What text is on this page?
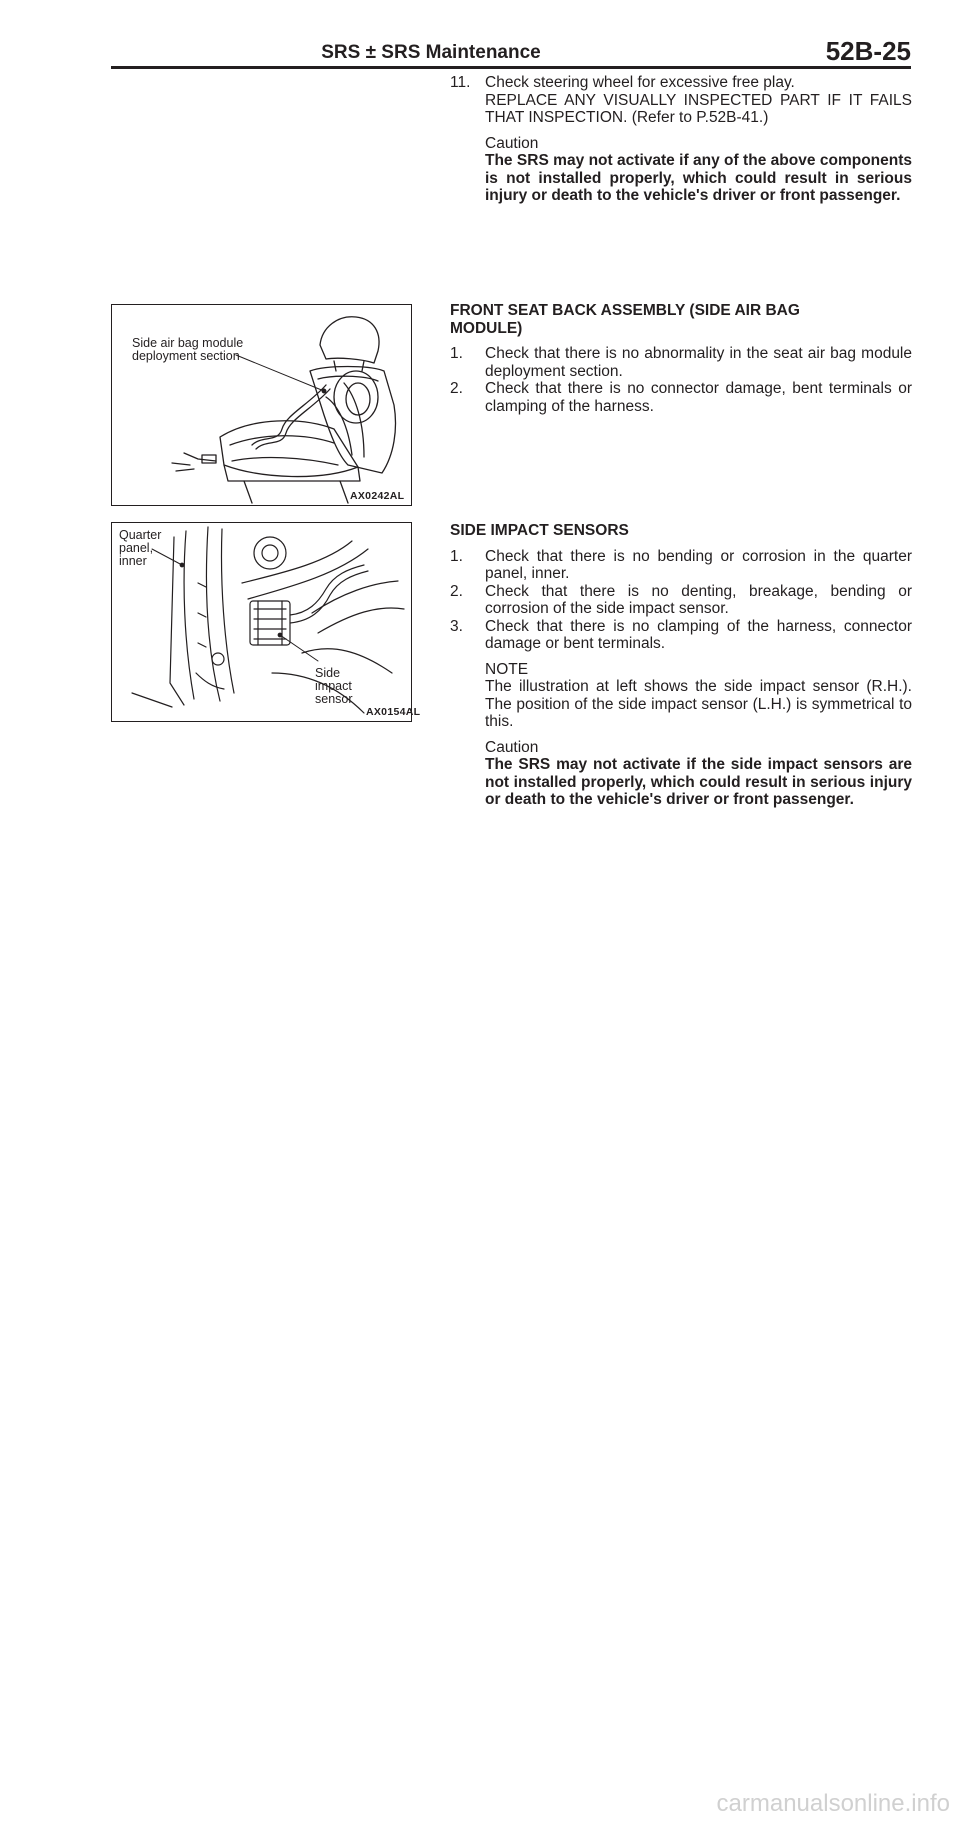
SRS ± SRS Maintenance	52B-25
11. Check steering wheel for excessive free play.
REPLACE ANY VISUALLY INSPECTED PART IF IT FAILS THAT INSPECTION. (Refer to P.52B-41.)
Caution
The SRS may not activate if any of the above components is not installed properly, which could result in serious injury or death to the vehicle's driver or front passenger.
FRONT SEAT BACK ASSEMBLY (SIDE AIR BAG MODULE)
1.	Check that there is no abnormality in the seat air bag module deployment section.
2.	Check that there is no connector damage, bent terminals or clamping of the harness.
SIDE IMPACT SENSORS
1.	Check that there is no bending or corrosion in the quarter panel, inner.
2.	Check that there is no denting, breakage, bending or corrosion of the side impact sensor.
3.	Check that there is no clamping of the harness, connector damage or bent terminals.
NOTE
The illustration at left shows the side impact sensor (R.H.). The position of the side impact sensor (L.H.) is symmetrical to this.
Caution
The SRS may not activate if the side impact sensors are not installed properly, which could result in serious injury or death to the vehicle's driver or front passenger.
Side air bag module
deployment section
AX0242AL
Quarter
panel,
inner
Side
impact
sensor
AX0154AL
carmanualsonline.info
